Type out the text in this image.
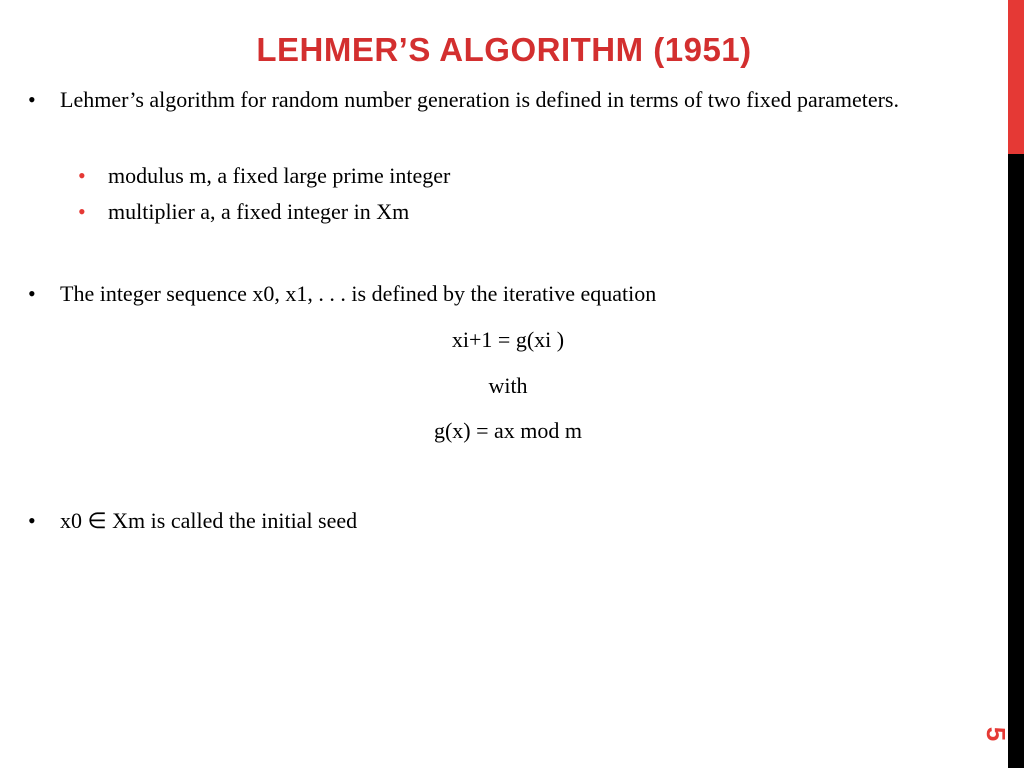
LEHMER’S ALGORITHM (1951)
5
•	Lehmer’s algorithm for random number generation is defined in terms of two fixed parameters.
•	modulus m, a fixed large prime integer
•	multiplier a, a fixed integer in Xm
•	The integer sequence x0, x1, . . . is defined by the iterative equation
xi+1 = g(xi )
with
g(x) = ax mod m
•	x0 ∈ Xm is called the initial seed
